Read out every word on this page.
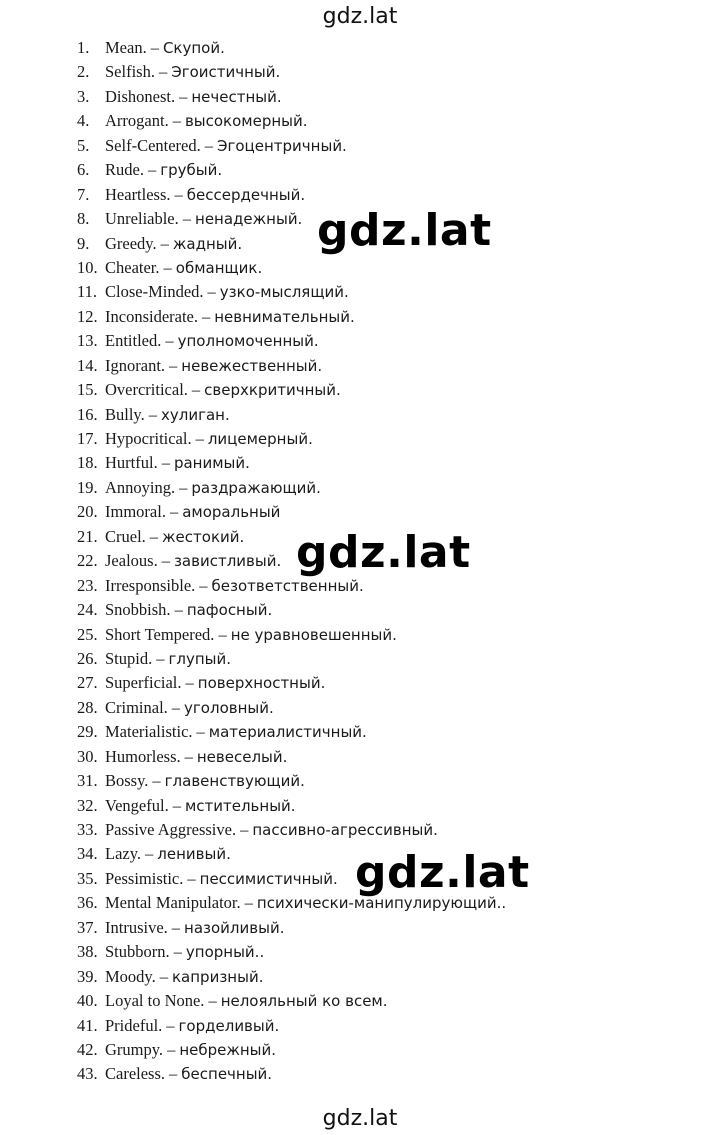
gdz.lat
1. Mean. – Скупой.
2. Selfish. – Эгоистичный.
3. Dishonest. – нечестный.
4. Arrogant. – высокомерный.
5. Self-Centered. – Эгоцентричный.
6. Rude. – грубый.
7. Heartless. – бессердечный.
8. Unreliable. – ненадежный.
9. Greedy. – жадный.
10. Cheater. – обманщик.
11. Close-Minded. – узко-мыслящий.
12. Inconsiderate. – невнимательный.
13. Entitled. – уполномоченный.
14. Ignorant. – невежественный.
15. Overcritical. – сверхкритичный.
16. Bully. – хулиган.
17. Hypocritical. – лицемерный.
18. Hurtful. – ранимый.
19. Annoying. – раздражающий.
20. Immoral. – аморальный
21. Cruel. – жестокий.
22. Jealous. – завистливый.
23. Irresponsible. – безответственный.
24. Snobbish. – пафосный.
25. Short Tempered. – не уравновешенный.
26. Stupid. – глупый.
27. Superficial. – поверхностный.
28. Criminal. – уголовный.
29. Materialistic. – материалистичный.
30. Humorless. – невеселый.
31. Bossy. – главенствующий.
32. Vengeful. – мстительный.
33. Passive Aggressive. – пассивно-агрессивный.
34. Lazy. – ленивый.
35. Pessimistic. – пессимистичный.
36. Mental Manipulator. – психически-манипулирующий..
37. Intrusive. – назойливый.
38. Stubborn. – упорный..
39. Moody. – капризный.
40. Loyal to None. – нелояльный ко всем.
41. Prideful. – горделивый.
42. Grumpy. – небрежный.
43. Careless. – беспечный.
gdz.lat
gdz.lat
gdz.lat
gdz.lat
